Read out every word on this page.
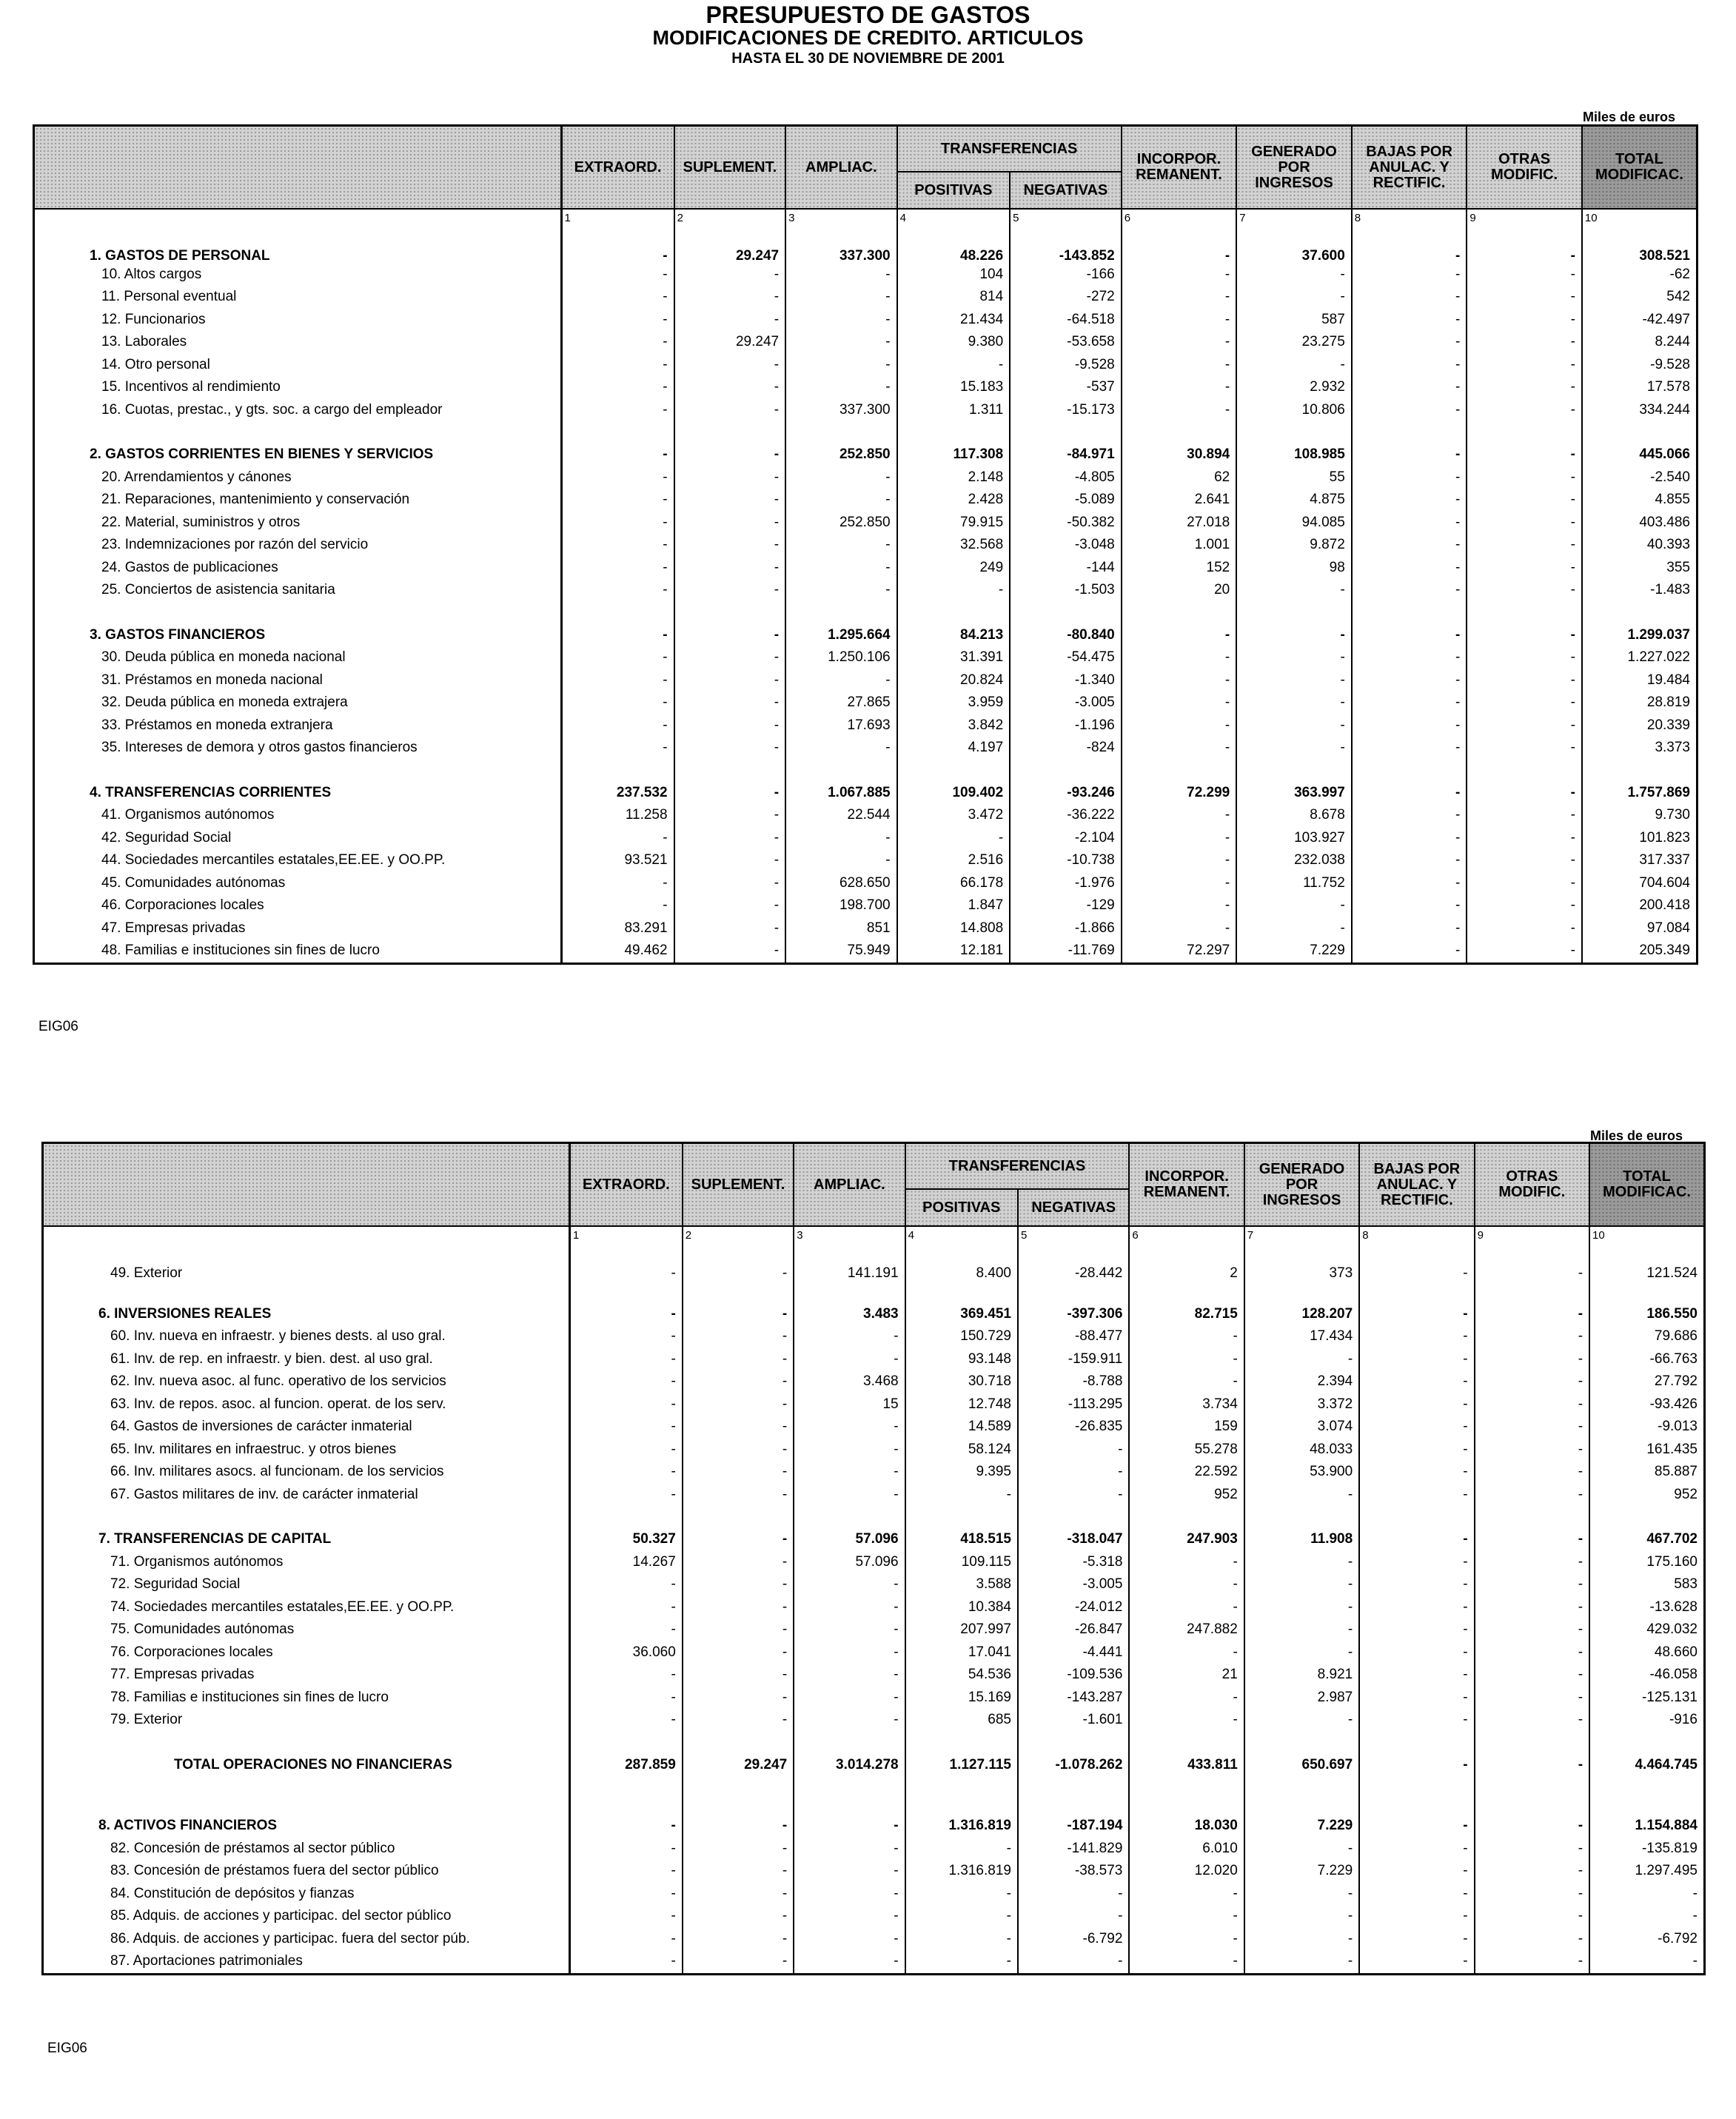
PRESUPUESTO DE GASTOS
MODIFICACIONES DE CREDITO. ARTICULOS
HASTA EL 30 DE NOVIEMBRE DE 2001
Miles de euros
	EXTRAORD.	SUPLEMENT.	AMPLIAC.	TRANSFERENCIAS		INCORPOR. REMANENT.	GENERADO POR INGRESOS	BAJAS POR ANULAC. Y RECTIFIC.	OTRAS MODIFIC.	TOTAL MODIFICAC.
				POSITIVAS	NEGATIVAS					
	1	2	3	4	5	6	7	8	9	10
1. GASTOS DE PERSONAL	-	29.247	337.300	48.226	-143.852	-	37.600	-	-	308.521
10. Altos cargos	-	-	-	104	-166	-	-	-	-	-62
11. Personal eventual	-	-	-	814	-272	-	-	-	-	542
12. Funcionarios	-	-	-	21.434	-64.518	-	587	-	-	-42.497
13. Laborales	-	29.247	-	9.380	-53.658	-	23.275	-	-	8.244
14. Otro personal	-	-	-	-	-9.528	-	-	-	-	-9.528
15. Incentivos al rendimiento	-	-	-	15.183	-537	-	2.932	-	-	17.578
16. Cuotas, prestac., y gts. soc. a cargo del empleador	-	-	337.300	1.311	-15.173	-	10.806	-	-	334.244

2. GASTOS CORRIENTES EN BIENES Y SERVICIOS	-	-	252.850	117.308	-84.971	30.894	108.985	-	-	445.066
20. Arrendamientos y cánones	-	-	-	2.148	-4.805	62	55	-	-	-2.540
21. Reparaciones, mantenimiento y conservación	-	-	-	2.428	-5.089	2.641	4.875	-	-	4.855
22. Material, suministros y otros	-	-	252.850	79.915	-50.382	27.018	94.085	-	-	403.486
23. Indemnizaciones por razón del servicio	-	-	-	32.568	-3.048	1.001	9.872	-	-	40.393
24. Gastos de publicaciones	-	-	-	249	-144	152	98	-	-	355
25. Conciertos de asistencia sanitaria	-	-	-	-	-1.503	20	-	-	-	-1.483

3. GASTOS FINANCIEROS	-	-	1.295.664	84.213	-80.840	-	-	-	-	1.299.037
30. Deuda pública en moneda nacional	-	-	1.250.106	31.391	-54.475	-	-	-	-	1.227.022
31. Préstamos en moneda nacional	-	-	-	20.824	-1.340	-	-	-	-	19.484
32. Deuda pública en moneda extrajera	-	-	27.865	3.959	-3.005	-	-	-	-	28.819
33. Préstamos en moneda extranjera	-	-	17.693	3.842	-1.196	-	-	-	-	20.339
35. Intereses de demora y otros gastos financieros	-	-	-	4.197	-824	-	-	-	-	3.373

4. TRANSFERENCIAS CORRIENTES	237.532	-	1.067.885	109.402	-93.246	72.299	363.997	-	-	1.757.869
41. Organismos autónomos	11.258	-	22.544	3.472	-36.222	-	8.678	-	-	9.730
42. Seguridad Social	-	-	-	-	-2.104	-	103.927	-	-	101.823
44. Sociedades mercantiles estatales,EE.EE. y OO.PP.	93.521	-	-	2.516	-10.738	-	232.038	-	-	317.337
45. Comunidades autónomas	-	-	628.650	66.178	-1.976	-	11.752	-	-	704.604
46. Corporaciones locales	-	-	198.700	1.847	-129	-	-	-	-	200.418
47. Empresas privadas	83.291	-	851	14.808	-1.866	-	-	-	-	97.084
48. Familias e instituciones sin fines de lucro	49.462	-	75.949	12.181	-11.769	72.297	7.229	-	-	205.349
EIG06
Miles de euros
	EXTRAORD.	SUPLEMENT.	AMPLIAC.	TRANSFERENCIAS		INCORPOR. REMANENT.	GENERADO POR INGRESOS	BAJAS POR ANULAC. Y RECTIFIC.	OTRAS MODIFIC.	TOTAL MODIFICAC.
				POSITIVAS	NEGATIVAS					
	1	2	3	4	5	6	7	8	9	10
49. Exterior	-	-	141.191	8.400	-28.442	2	373	-	-	121.524

6. INVERSIONES REALES	-	-	3.483	369.451	-397.306	82.715	128.207	-	-	186.550
60. Inv. nueva en infraestr. y bienes dests. al uso gral.	-	-	-	150.729	-88.477	-	17.434	-	-	79.686
61. Inv. de rep. en infraestr. y bien. dest. al uso gral.	-	-	-	93.148	-159.911	-	-	-	-	-66.763
62. Inv. nueva asoc. al func. operativo de los servicios	-	-	3.468	30.718	-8.788	-	2.394	-	-	27.792
63. Inv. de repos. asoc. al funcion. operat. de los serv.	-	-	15	12.748	-113.295	3.734	3.372	-	-	-93.426
64. Gastos de inversiones de carácter inmaterial	-	-	-	14.589	-26.835	159	3.074	-	-	-9.013
65. Inv. militares en infraestruc. y otros bienes	-	-	-	58.124	-	55.278	48.033	-	-	161.435
66. Inv. militares asocs. al funcionam. de los servicios	-	-	-	9.395	-	22.592	53.900	-	-	85.887
67. Gastos militares de inv. de carácter inmaterial	-	-	-	-	-	952	-	-	-	952

7. TRANSFERENCIAS DE CAPITAL	50.327	-	57.096	418.515	-318.047	247.903	11.908	-	-	467.702
71. Organismos autónomos	14.267	-	57.096	109.115	-5.318	-	-	-	-	175.160
72. Seguridad Social	-	-	-	3.588	-3.005	-	-	-	-	583
74. Sociedades mercantiles estatales,EE.EE. y OO.PP.	-	-	-	10.384	-24.012	-	-	-	-	-13.628
75. Comunidades autónomas	-	-	-	207.997	-26.847	247.882	-	-	-	429.032
76. Corporaciones locales	36.060	-	-	17.041	-4.441	-	-	-	-	48.660
77. Empresas privadas	-	-	-	54.536	-109.536	21	8.921	-	-	-46.058
78. Familias e instituciones sin fines de lucro	-	-	-	15.169	-143.287	-	2.987	-	-	-125.131
79. Exterior	-	-	-	685	-1.601	-	-	-	-	-916

TOTAL OPERACIONES NO FINANCIERAS	287.859	29.247	3.014.278	1.127.115	-1.078.262	433.811	650.697	-	-	4.464.745

8. ACTIVOS FINANCIEROS	-	-	-	1.316.819	-187.194	18.030	7.229	-	-	1.154.884
82. Concesión de préstamos al sector público	-	-	-	-	-141.829	6.010	-	-	-	-135.819
83. Concesión de préstamos fuera del sector público	-	-	-	1.316.819	-38.573	12.020	7.229	-	-	1.297.495
84. Constitución de depósitos y fianzas	-	-	-	-	-	-	-	-	-	-
85. Adquis. de acciones y participac. del sector público	-	-	-	-	-	-	-	-	-	-
86. Adquis. de acciones y participac. fuera del sector púb.	-	-	-	-	-6.792	-	-	-	-	-6.792
87. Aportaciones patrimoniales	-	-	-	-	-	-	-	-	-	-
EIG06
